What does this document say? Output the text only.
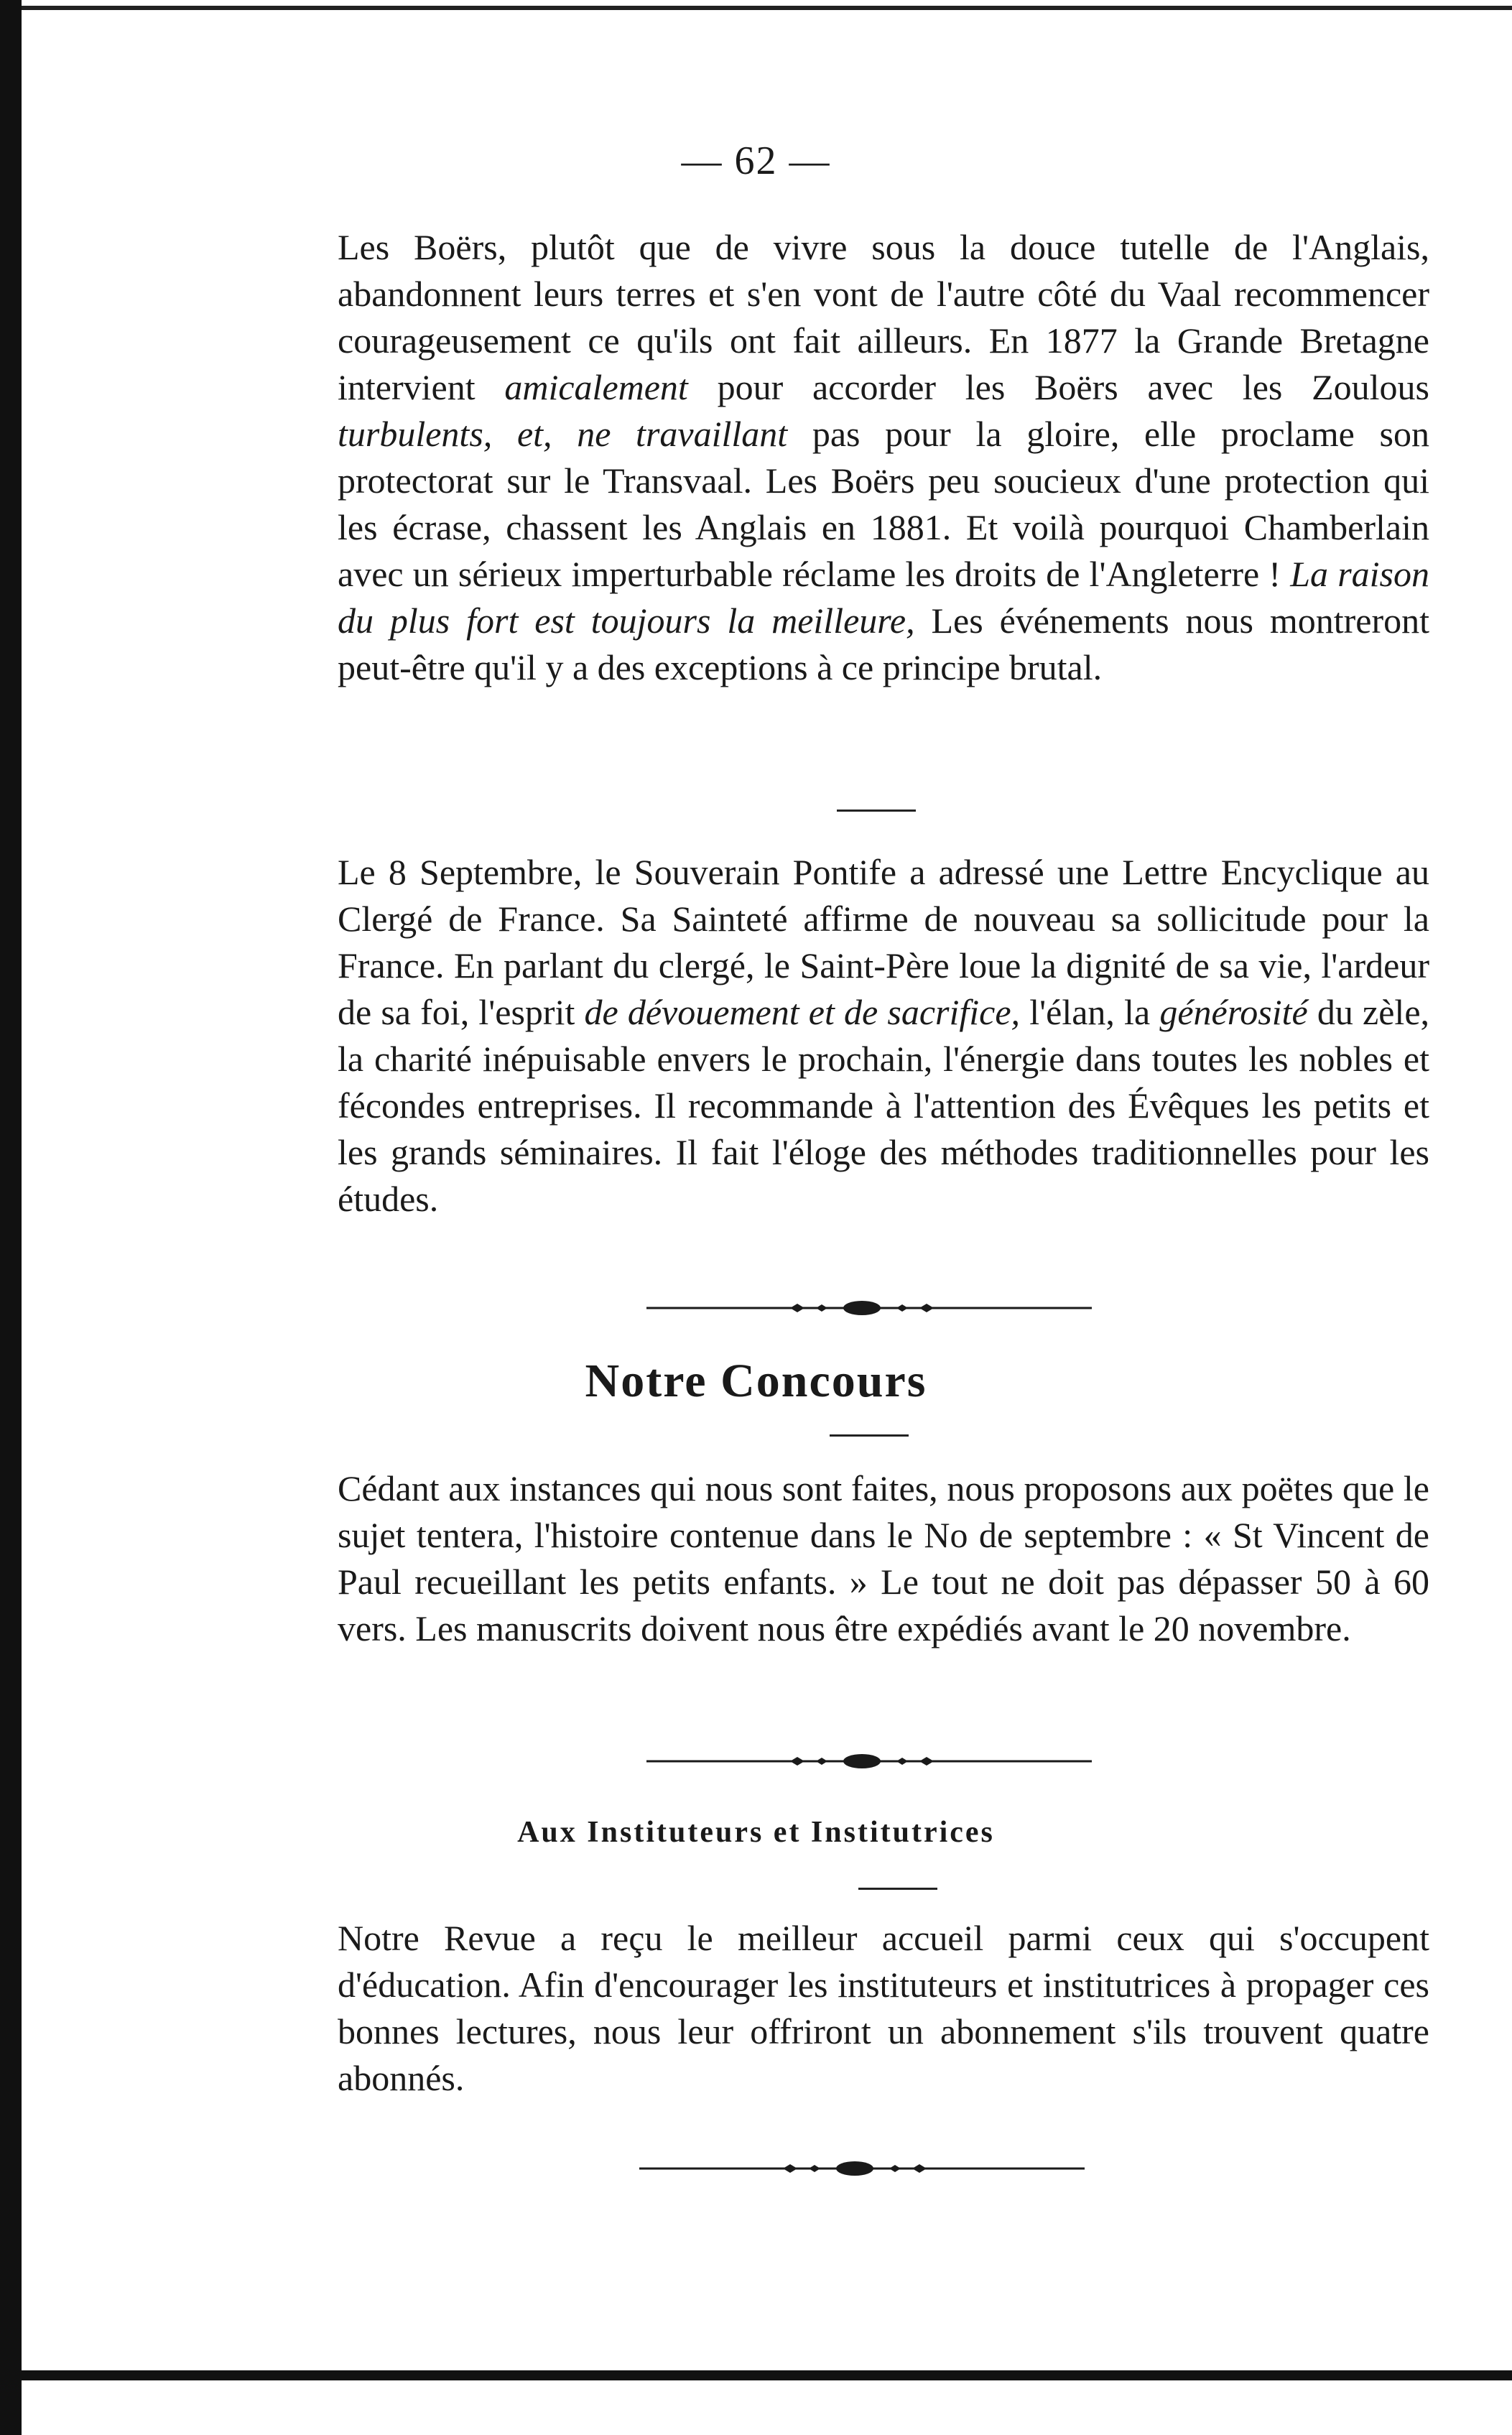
— 62 —

Les Boërs, plutôt que de vivre sous la douce tutelle de l'Anglais, abandonnent leurs terres et s'en vont de l'autre côté du Vaal recommencer courageusement ce qu'ils ont fait ailleurs. En 1877 la Grande Bretagne intervient amicalement pour accorder les Boërs avec les Zoulous turbulents, et, ne travaillant pas pour la gloire, elle proclame son protectorat sur le Transvaal. Les Boërs peu soucieux d'une protection qui les écrase, chassent les Anglais en 1881. Et voilà pourquoi Chamberlain avec un sérieux imperturbable réclame les droits de l'Angleterre ! La raison du plus fort est toujours la meilleure, Les événements nous montreront peut-être qu'il y a des exceptions à ce principe brutal.

Le 8 Septembre, le Souverain Pontife a adressé une Lettre Encyclique au Clergé de France. Sa Sainteté affirme de nouveau sa sollicitude pour la France. En parlant du clergé, le Saint-Père loue la dignité de sa vie, l'ardeur de sa foi, l'esprit de dévouement et de sacrifice, l'élan, la générosité du zèle, la charité inépuisable envers le prochain, l'énergie dans toutes les nobles et fécondes entreprises. Il recommande à l'attention des Évêques les petits et les grands séminaires. Il fait l'éloge des méthodes traditionnelles pour les études.

Notre Concours

Cédant aux instances qui nous sont faites, nous proposons aux poëtes que le sujet tentera, l'histoire contenue dans le No de septembre : « St Vincent de Paul recueillant les petits enfants. » Le tout ne doit pas dépasser 50 à 60 vers. Les manuscrits doivent nous être expédiés avant le 20 novembre.

Aux Instituteurs et Institutrices

Notre Revue a reçu le meilleur accueil parmi ceux qui s'occupent d'éducation. Afin d'encourager les instituteurs et institutrices à propager ces bonnes lectures, nous leur offriront un abonnement s'ils trouvent quatre abonnés.
